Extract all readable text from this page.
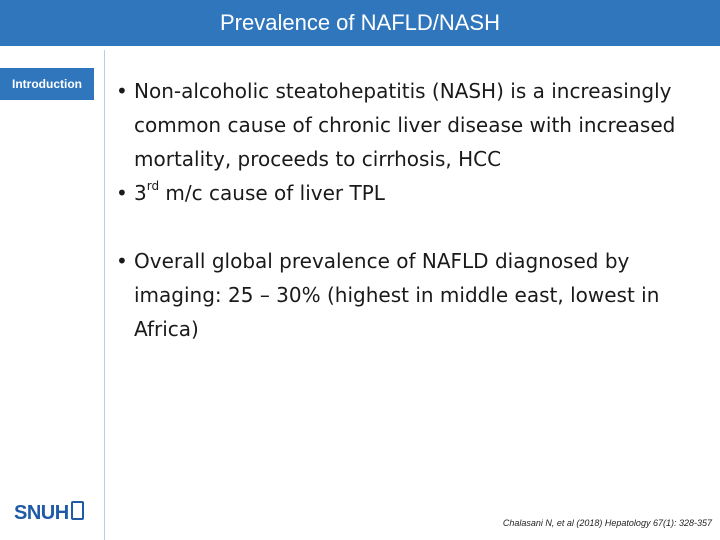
Prevalence of NAFLD/NASH
Introduction • Non-alcoholic steatohepatitis (NASH) is a increasingly common cause of chronic liver disease with increased mortality, proceeds to cirrhosis, HCC

• 3rd m/c cause of liver TPL

• Overall global prevalence of NAFLD diagnosed by imaging: 25 – 30% (highest in middle east, lowest in Africa)

SNUH	Chalasani N, et al (2018) Hepatology 67(1): 328-357
